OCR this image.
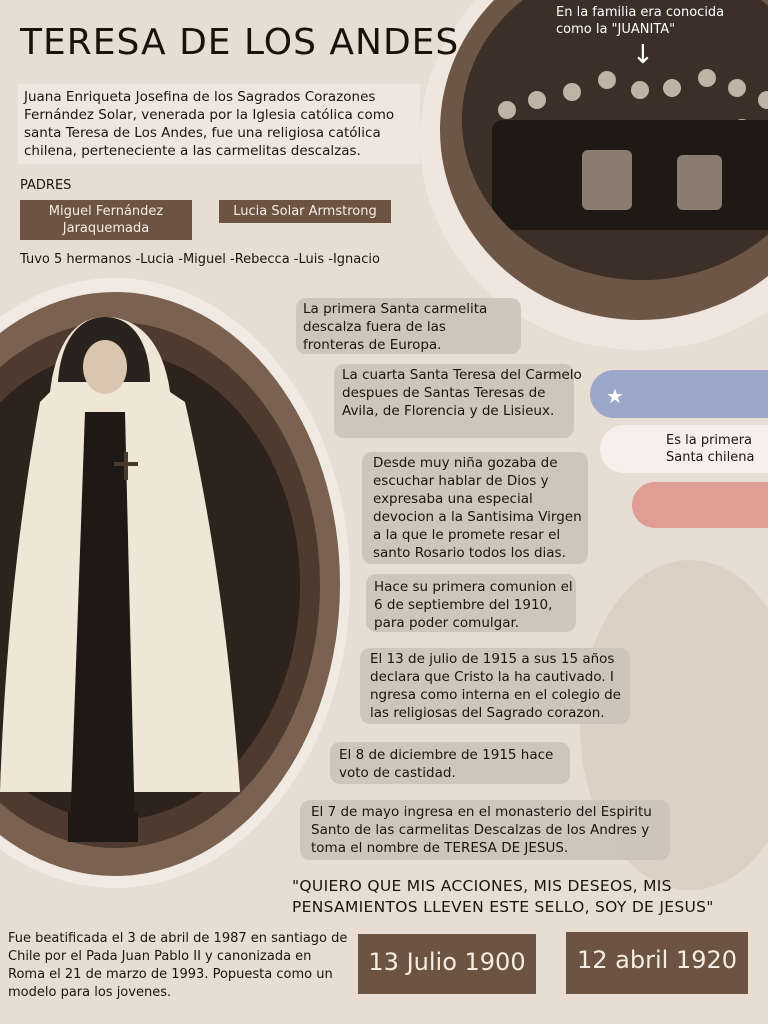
En la familia era conocida como la "JUANITA"
↓
TERESA DE LOS ANDES
Juana Enriqueta Josefina de los Sagrados Corazones Fernández Solar, venerada por la Iglesia católica como santa Teresa de Los Andes, fue una religiosa católica chilena, perteneciente a las carmelitas descalzas.
PADRES
Miguel Fernández Jaraquemada
Lucia Solar Armstrong
Tuvo 5 hermanos -Lucia -Miguel -Rebecca -Luis -Ignacio
★
Es la primera Santa chilena
La primera Santa carmelita descalza fuera de las fronteras de Europa.
La cuarta Santa Teresa del Carmelo despues de Santas Teresas de Avila, de Florencia y de Lisieux.
Desde muy niña gozaba de escuchar hablar de Dios y expresaba una especial devocion a la Santisima Virgen a la que le promete resar el santo Rosario todos los dias.
Hace su primera comunion el 6 de septiembre del 1910, para poder comulgar.
El 13 de julio de 1915 a sus 15 años declara que Cristo la ha cautivado. I ngresa como interna en el colegio de las religiosas del Sagrado corazon.
El 8 de diciembre de 1915 hace voto de castidad.
El 7 de mayo ingresa en el monasterio del Espiritu Santo de las carmelitas Descalzas de los Andres y toma el nombre de TERESA DE JESUS.
"QUIERO QUE MIS ACCIONES, MIS DESEOS, MIS PENSAMIENTOS LLEVEN ESTE SELLO, SOY DE JESUS"
Fue beatificada el 3 de abril de 1987 en santiago de Chile por el Pada Juan Pablo II y canonizada en Roma el 21 de marzo de 1993. Popuesta como un modelo para los jovenes.
13 Julio 1900	12 abril 1920
